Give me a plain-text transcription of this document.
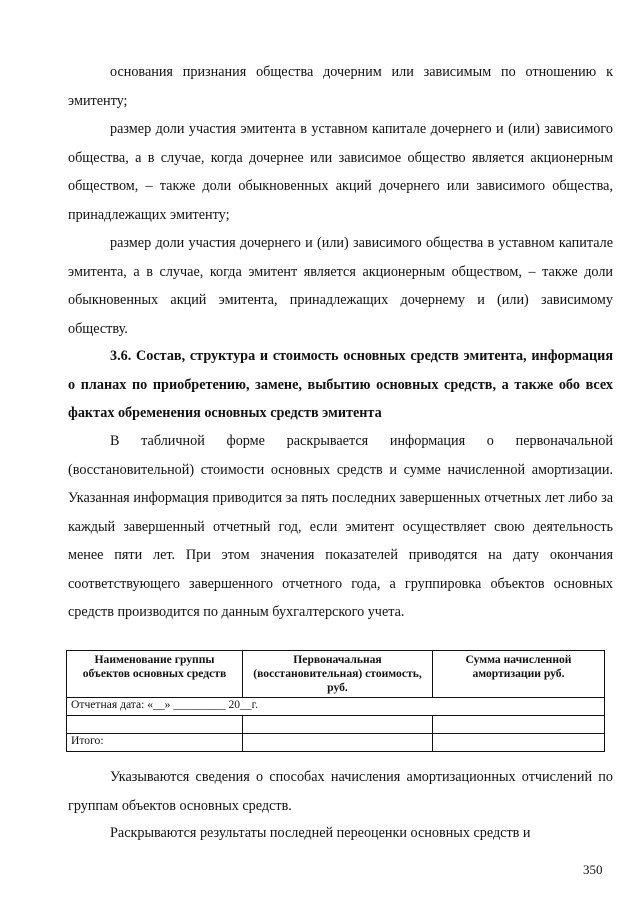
основания признания общества дочерним или зависимым по отношению к эмитенту;

размер доли участия эмитента в уставном капитале дочернего и (или) зависимого общества, а в случае, когда дочернее или зависимое общество является акционерным обществом, – также доли обыкновенных акций дочернего или зависимого общества, принадлежащих эмитенту;

размер доли участия дочернего и (или) зависимого общества в уставном капитале эмитента, а в случае, когда эмитент является акционерным обществом, – также доли обыкновенных акций эмитента, принадлежащих дочернему и (или) зависимому обществу.

3.6. Состав, структура и стоимость основных средств эмитента, информация о планах по приобретению, замене, выбытию основных средств, а также обо всех фактах обременения основных средств эмитента

В табличной форме раскрывается информация о первоначальной (восстановительной) стоимости основных средств и сумме начисленной амортизации. Указанная информация приводится за пять последних завершенных отчетных лет либо за каждый завершенный отчетный год, если эмитент осуществляет свою деятельность менее пяти лет. При этом значения показателей приводятся на дату окончания соответствующего завершенного отчетного года, а группировка объектов основных средств производится по данным бухгалтерского учета.

Наименование группы объектов основных средств	Первоначальная (восстановительная) стоимость, руб.	Сумма начисленной амортизации руб.
Отчетная дата: «__» _________ 20__г.		

Итого:		

Указываются сведения о способах начисления амортизационных отчислений по группам объектов основных средств.

Раскрываются результаты последней переоценки основных средств и

350
